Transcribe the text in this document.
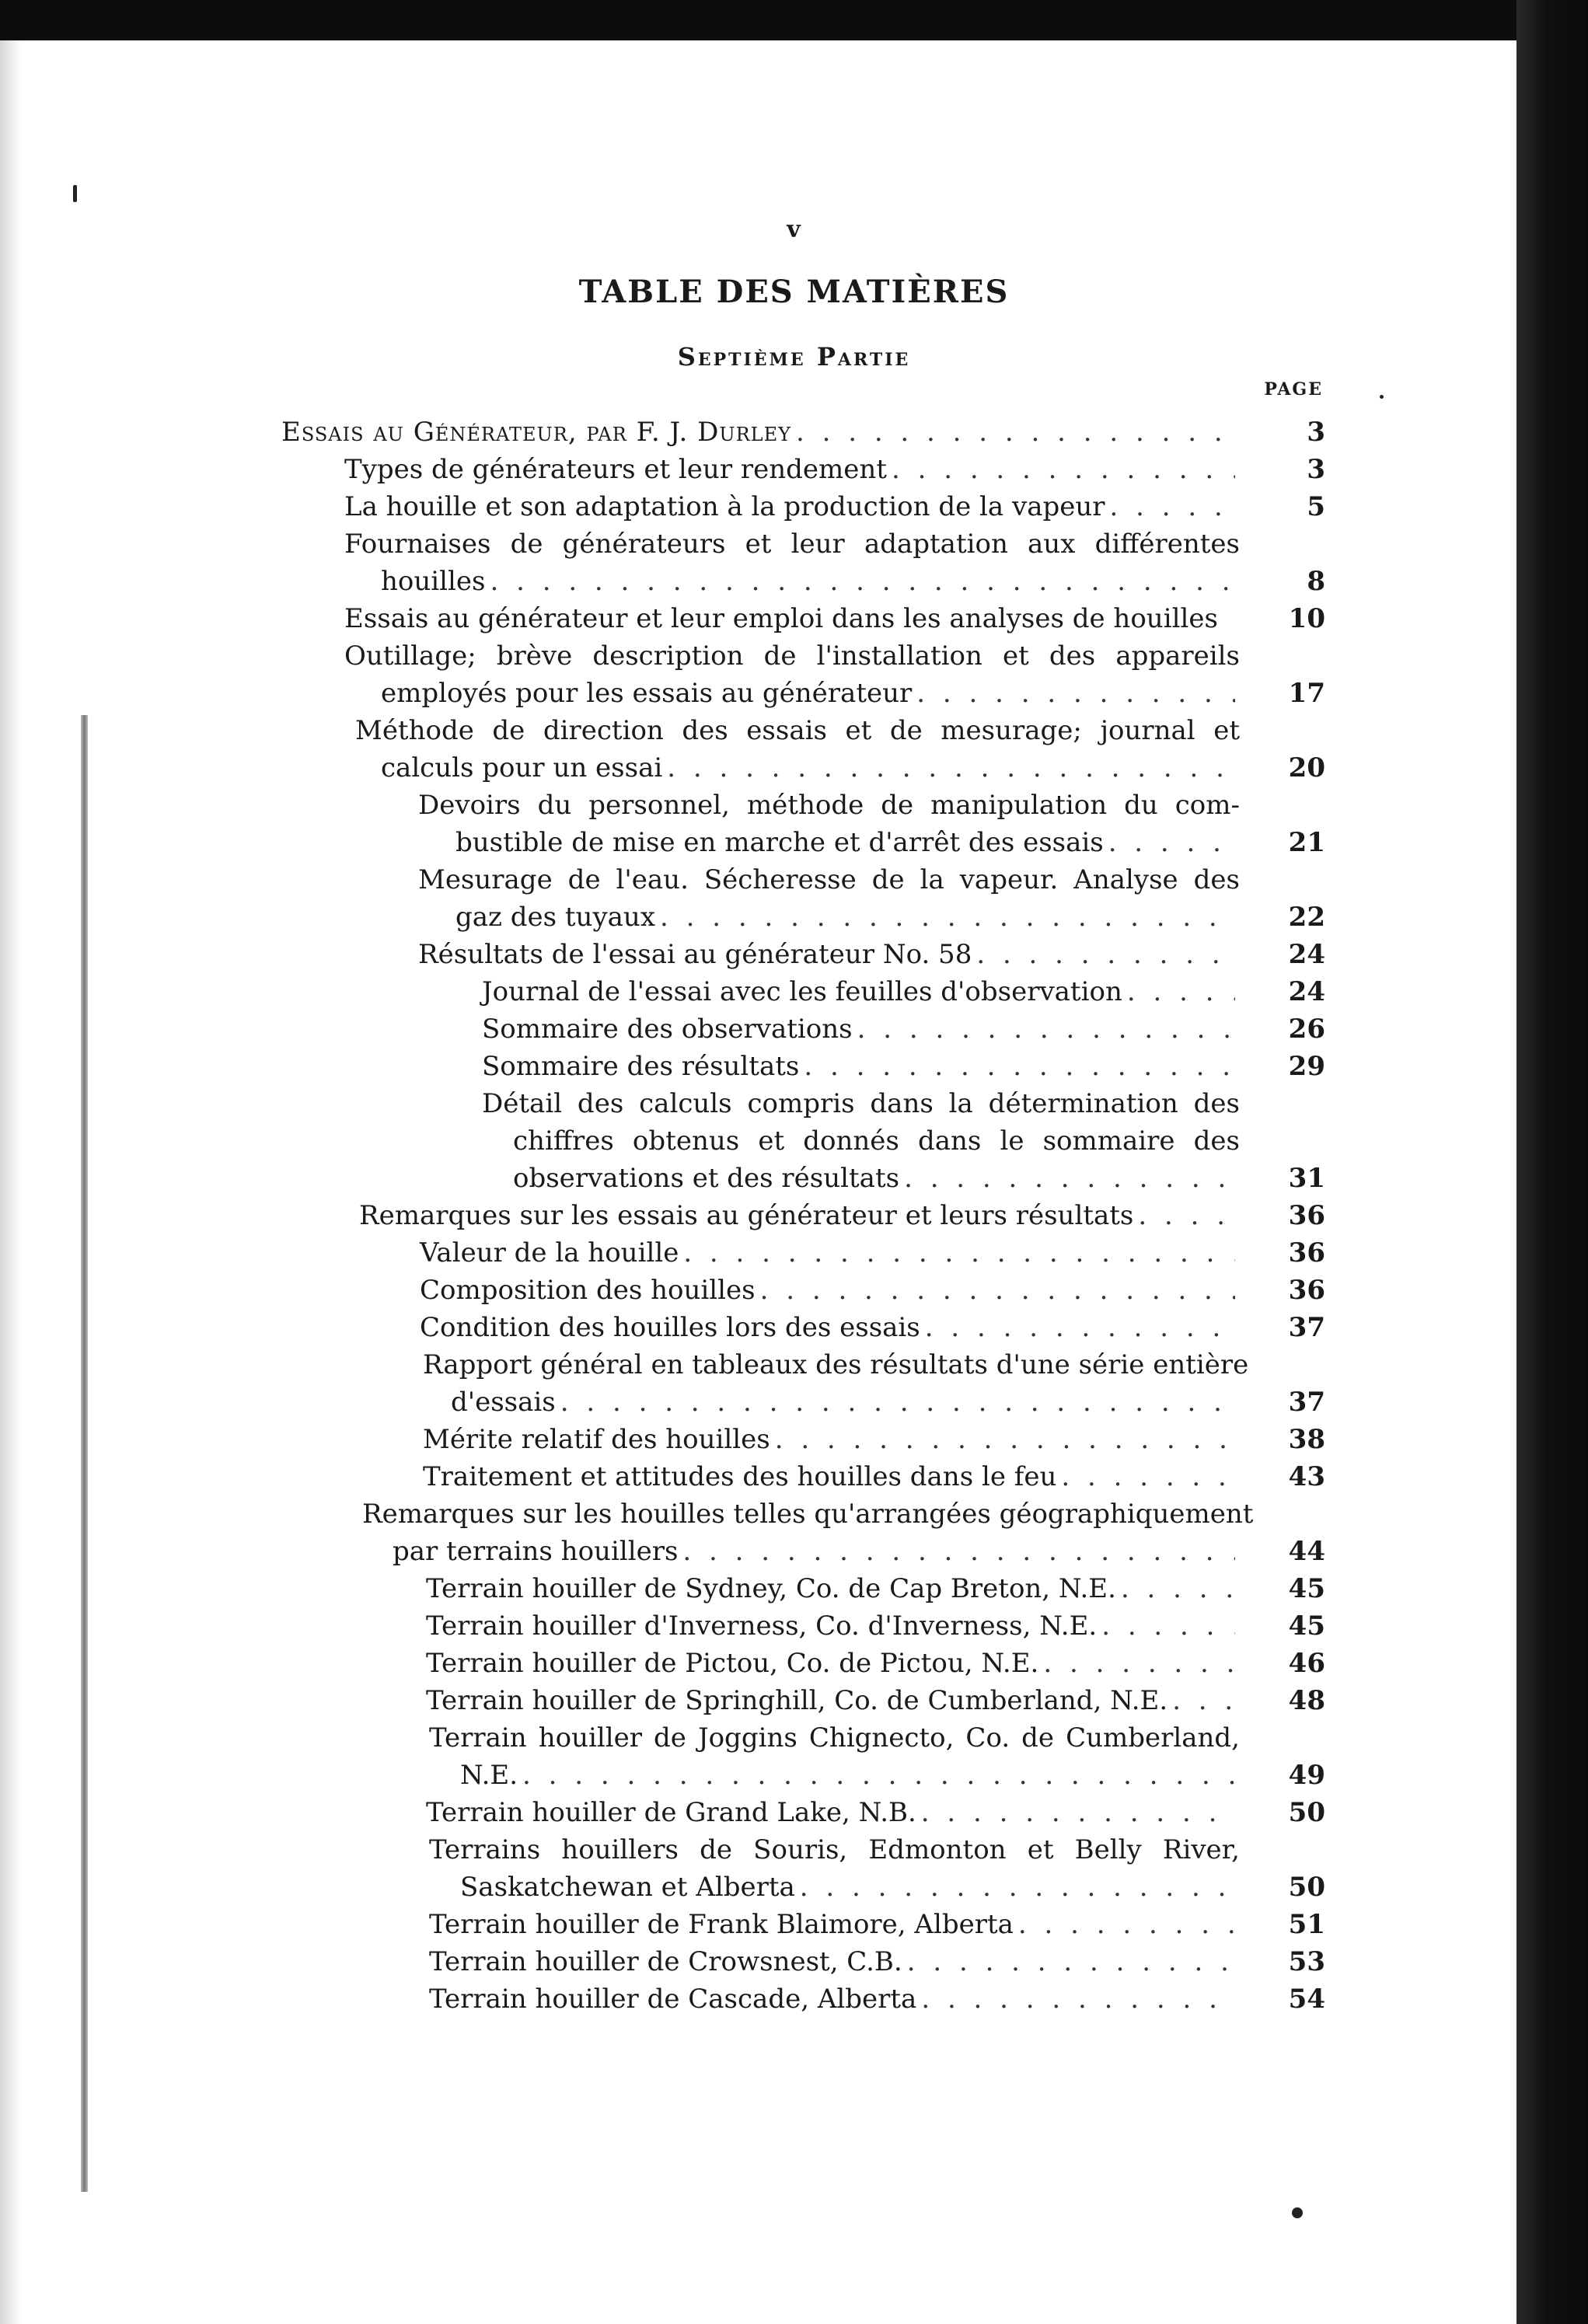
v
TABLE DES MATIÈRES
Septième Partie
PAGE
Essais au Générateur, par F. J. Durley . . .	3
Types de générateurs et leur rendement . . .	3
La houille et son adaptation à la production de la vapeur . . .	5
Fournaises de générateurs et leur adaptation aux différentes
houilles . . .	8
Essais au générateur et leur emploi dans les analyses de houilles	10
Outillage; brève description de l'installation et des appareils
employés pour les essais au générateur . . .	17
Méthode de direction des essais et de mesurage; journal et
calculs pour un essai . . .	20
Devoirs du personnel, méthode de manipulation du com-
bustible de mise en marche et d'arrêt des essais . . .	21
Mesurage de l'eau. Sécheresse de la vapeur. Analyse des
gaz des tuyaux . . .	22
Résultats de l'essai au générateur No. 58 . . .	24
Journal de l'essai avec les feuilles d'observation . . .	24
Sommaire des observations . . .	26
Sommaire des résultats . . .	29
Détail des calculs compris dans la détermination des
chiffres obtenus et donnés dans le sommaire des
observations et des résultats . . .	31
Remarques sur les essais au générateur et leurs résultats . . .	36
Valeur de la houille . . .	36
Composition des houilles . . .	36
Condition des houilles lors des essais . . .	37
Rapport général en tableaux des résultats d'une série entière
d'essais . . .	37
Mérite relatif des houilles . . .	38
Traitement et attitudes des houilles dans le feu . . .	43
Remarques sur les houilles telles qu'arrangées géographiquement
par terrains houillers . . .	44
Terrain houiller de Sydney, Co. de Cap Breton, N.E. . . .	45
Terrain houiller d'Inverness, Co. d'Inverness, N.E. . . .	45
Terrain houiller de Pictou, Co. de Pictou, N.E. . . .	46
Terrain houiller de Springhill, Co. de Cumberland, N.E. . . .	48
Terrain houiller de Joggins Chignecto, Co. de Cumberland,
N.E. . . .	49
Terrain houiller de Grand Lake, N.B. . . .	50
Terrains houillers de Souris, Edmonton et Belly River,
Saskatchewan et Alberta . . .	50
Terrain houiller de Frank Blaimore, Alberta . . .	51
Terrain houiller de Crowsnest, C.B. . . .	53
Terrain houiller de Cascade, Alberta . . .	54
